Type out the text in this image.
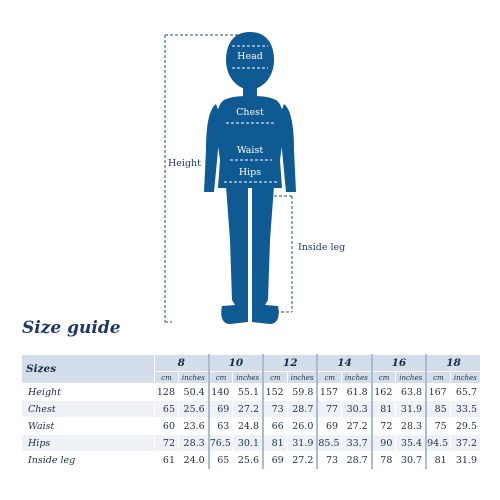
Head
Chest
Waist
Hips
Height
Inside leg
Size guide
Sizes	8		10		12		14		16		18	
	cm	inches	cm	inches	cm	inches	cm	inches	cm	inches	cm	inches
Height	128	50.4	140	55.1	152	59.8	157	61.8	162	63.8	167	65.7
Chest	65	25.6	69	27.2	73	28.7	77	30.3	81	31.9	85	33.5
Waist	60	23.6	63	24.8	66	26.0	69	27.2	72	28.3	75	29.5
Hips	72	28.3	76.5	30.1	81	31.9	85.5	33.7	90	35.4	94.5	37.2
Inside leg	61	24.0	65	25.6	69	27.2	73	28.7	78	30.7	81	31.9
